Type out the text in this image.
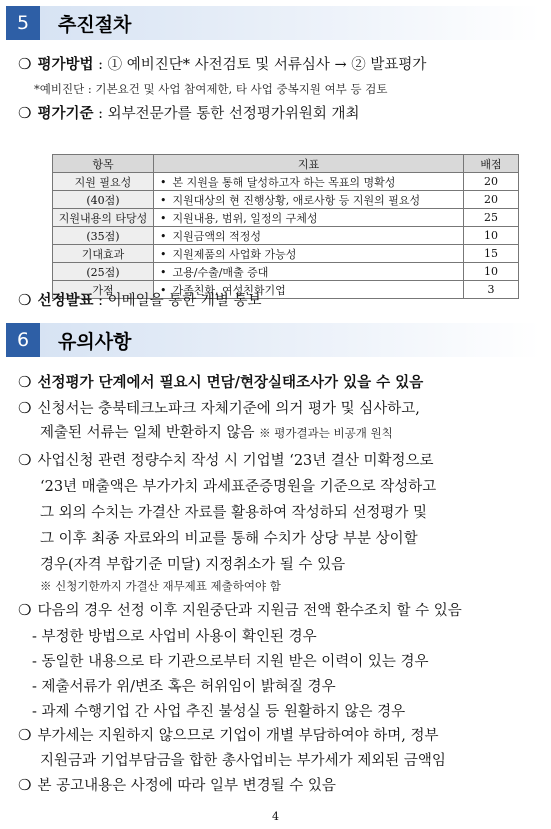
5	추진절차
❍ 평가방법 : ① 예비진단* 사전검토 및 서류심사 → ② 발표평가
*예비진단 : 기본요건 및 사업 참여제한, 타 사업 중복지원 여부 등 검토
❍ 평가기준 : 외부전문가를 통한 선정평가위원회 개최
항목	지표	배점
지원 필요성	• 본 지원을 통해 달성하고자 하는 목표의 명확성	20
(40점)	• 지원대상의 현 진행상황, 애로사항 등 지원의 필요성	20
지원내용의 타당성	• 지원내용, 범위, 일정의 구체성	25
(35점)	• 지원금액의 적정성	10
기대효과	• 지원제품의 사업화 가능성	15
(25점)	• 고용/수출/매출 증대	10
가점	• 가족친화, 여성친화기업	3
❍ 선정발표 : 이메일을 통한 개별 통보
6	유의사항
❍ 선정평가 단계에서 필요시 면담/현장실태조사가 있을 수 있음
❍ 신청서는 충북테크노파크 자체기준에 의거 평가 및 심사하고,
제출된 서류는 일체 반환하지 않음 ※ 평가결과는 비공개 원칙
❍ 사업신청 관련 정량수치 작성 시 기업별 ‘23년 결산 미확정으로
‘23년 매출액은 부가가치 과세표준증명원을 기준으로 작성하고
그 외의 수치는 가결산 자료를 활용하여 작성하되 선정평가 및
그 이후 최종 자료와의 비교를 통해 수치가 상당 부분 상이할
경우(자격 부합기준 미달) 지정취소가 될 수 있음
※ 신청기한까지 가결산 재무제표 제출하여야 함
❍ 다음의 경우 선정 이후 지원중단과 지원금 전액 환수조치 할 수 있음
- 부정한 방법으로 사업비 사용이 확인된 경우
- 동일한 내용으로 타 기관으로부터 지원 받은 이력이 있는 경우
- 제출서류가 위/변조 혹은 허위임이 밝혀질 경우
- 과제 수행기업 간 사업 추진 불성실 등 원활하지 않은 경우
❍ 부가세는 지원하지 않으므로 기업이 개별 부담하여야 하며, 정부
지원금과 기업부담금을 합한 총사업비는 부가세가 제외된 금액임
❍ 본 공고내용은 사정에 따라 일부 변경될 수 있음
4
